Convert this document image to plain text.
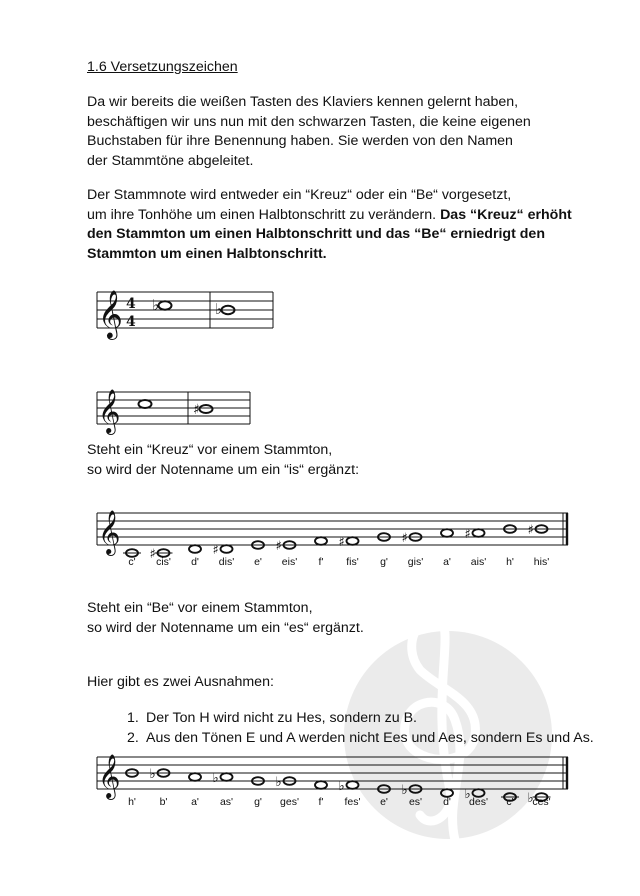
1.6 Versetzungszeichen
Da wir bereits die weißen Tasten des Klaviers kennen gelernt haben,
beschäftigen wir uns nun mit den schwarzen Tasten, die keine eigenen
Buchstaben für ihre Benennung haben. Sie werden von den Namen
der Stammtöne abgeleitet.
Der Stammnote wird entweder ein “Kreuz“ oder ein “Be“ vorgesetzt,
um ihre Tonhöhe um einen Halbtonschritt zu verändern. Das “Kreuz“ erhöht
den Stammton um einen Halbtonschritt und das “Be“ erniedrigt den
Stammton um einen Halbtonschritt.
𝄞 4
4
♭	♭
𝄞	♯
Steht ein “Kreuz“ vor einem Stammton,
so wird der Notenname um ein “is“ ergänzt:
𝄞
♯	♯	♯	♯	♯	♯	♯
c' cis' d' dis' e' eis' f' fis' g' gis' a' ais' h' his'
Steht ein “Be“ vor einem Stammton,
so wird der Notenname um ein “es“ ergänzt.
Hier gibt es zwei Ausnahmen:
1. Der Ton H wird nicht zu Hes, sondern zu B.
2. Aus den Tönen E und A werden nicht Ees und Aes, sondern Es und As.
𝄞 ♭	♭	♭	♭	♭	♭	♭
h' b' a' as' g' ges' f' fes' e' es' d' des' c' ces'
